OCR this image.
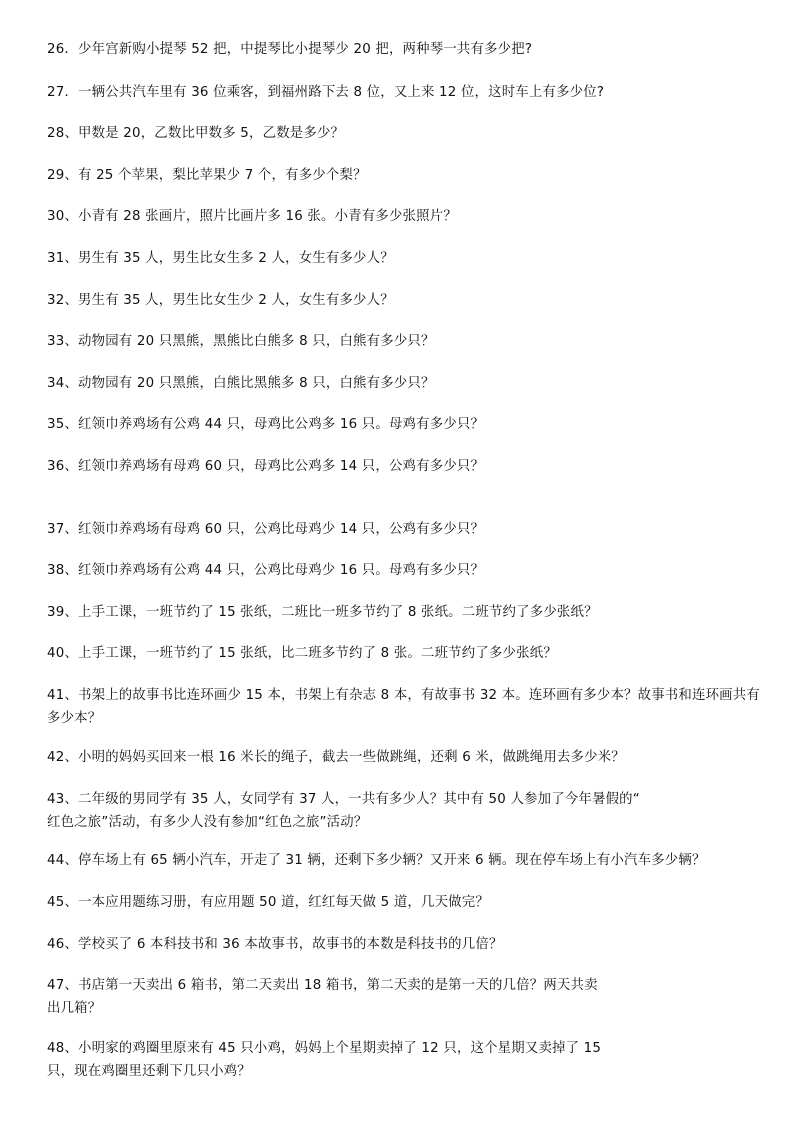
26．少年宫新购小提琴 52 把，中提琴比小提琴少 20 把，两种琴一共有多少把?
27．一辆公共汽车里有 36 位乘客，到福州路下去 8 位，又上来 12 位，这时车上有多少位?
28、甲数是 20，乙数比甲数多 5，乙数是多少？
29、有 25 个苹果，梨比苹果少 7 个，有多少个梨？
30、小青有 28 张画片，照片比画片多 16 张。小青有多少张照片？
31、男生有 35 人，男生比女生多 2 人，女生有多少人？
32、男生有 35 人，男生比女生少 2 人，女生有多少人？
33、动物园有 20 只黑熊，黑熊比白熊多 8 只，白熊有多少只？
34、动物园有 20 只黑熊，白熊比黑熊多 8 只，白熊有多少只？
35、红领巾养鸡场有公鸡 44 只，母鸡比公鸡多 16 只。母鸡有多少只？
36、红领巾养鸡场有母鸡 60 只，母鸡比公鸡多 14 只，公鸡有多少只？
37、红领巾养鸡场有母鸡 60 只，公鸡比母鸡少 14 只，公鸡有多少只？
38、红领巾养鸡场有公鸡 44 只，公鸡比母鸡少 16 只。母鸡有多少只？
39、上手工课，一班节约了 15 张纸，二班比一班多节约了 8 张纸。二班节约了多少张纸？
40、上手工课，一班节约了 15 张纸，比二班多节约了 8 张。二班节约了多少张纸？
41、书架上的故事书比连环画少 15 本，书架上有杂志 8 本，有故事书 32 本。连环画有多少本？故事书和连环画共有
多少本？
42、小明的妈妈买回来一根 16 米长的绳子，截去一些做跳绳，还剩 6 米，做跳绳用去多少米？
43、二年级的男同学有 35 人，女同学有 37 人，一共有多少人？其中有 50 人参加了今年暑假的“
红色之旅”活动，有多少人没有参加“红色之旅”活动？
44、停车场上有 65 辆小汽车，开走了 31 辆，还剩下多少辆？又开来 6 辆。现在停车场上有小汽车多少辆？
45、一本应用题练习册，有应用题 50 道，红红每天做 5 道，几天做完？
46、学校买了 6 本科技书和 36 本故事书，故事书的本数是科技书的几倍？
47、书店第一天卖出 6 箱书，第二天卖出 18 箱书，第二天卖的是第一天的几倍？两天共卖
出几箱？
48、小明家的鸡圈里原来有 45 只小鸡，妈妈上个星期卖掉了 12 只，这个星期又卖掉了 15
只，现在鸡圈里还剩下几只小鸡？
